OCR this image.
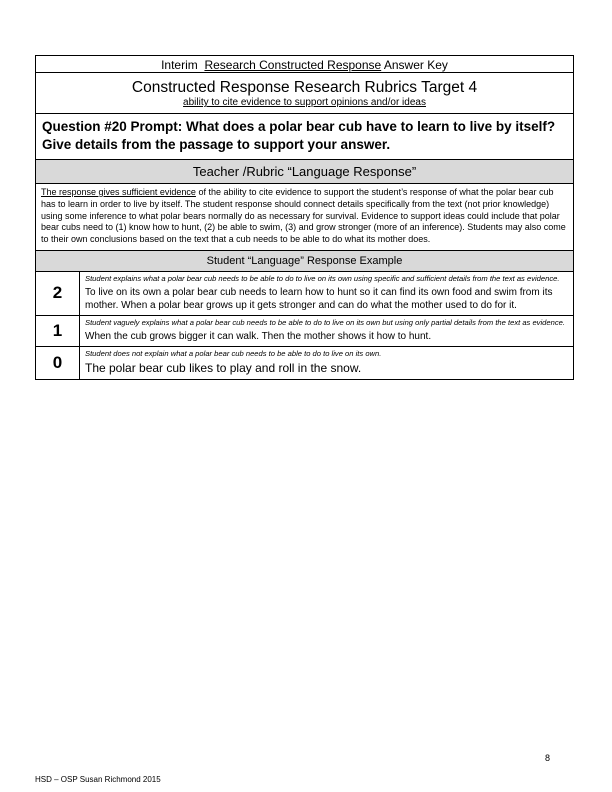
Interim Research Constructed Response Answer Key
Constructed Response Research Rubrics Target 4
ability to cite evidence to support opinions and/or ideas
Question #20 Prompt: What does a polar bear cub have to learn to live by itself? Give details from the passage to support your answer.
Teacher /Rubric “Language Response”
The response gives sufficient evidence of the ability to cite evidence to support the student’s response of what the polar bear cub has to learn in order to live by itself. The student response should connect details specifically from the text (not prior knowledge) using some inference to what polar bears normally do as necessary for survival. Evidence to support ideas could include that polar bear cubs need to (1) know how to hunt, (2) be able to swim, (3) and grow stronger (more of an inference). Students may also come to their own conclusions based on the text that a cub needs to be able to do what its mother does.
Student “Language” Response Example
2
Student explains what a polar bear cub needs to be able to do to live on its own using specific and sufficient details from the text as evidence.
To live on its own a polar bear cub needs to learn how to hunt so it can find its own food and swim from its mother. When a polar bear grows up it gets stronger and can do what the mother used to do for it.
1	Student vaguely explains what a polar bear cub needs to be able to do to live on its own but using only partial details from the text as evidence.
When the cub grows bigger it can walk. Then the mother shows it how to hunt.
0	Student does not explain what a polar bear cub needs to be able to do to live on its own.
The polar bear cub likes to play and roll in the snow.
8
HSD – OSP Susan Richmond 2015
